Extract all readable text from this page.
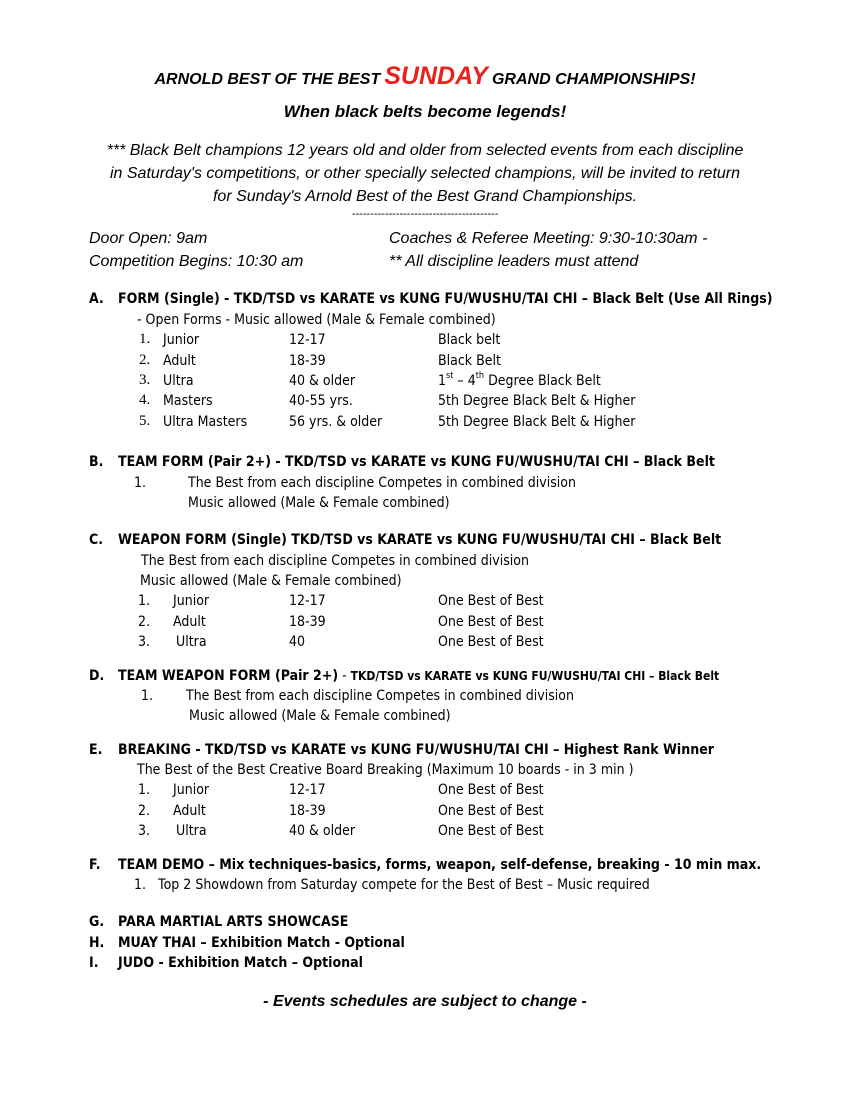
ARNOLD BEST OF THE BEST SUNDAY GRAND CHAMPIONSHIPS!
When black belts become legends!
*** Black Belt champions 12 years old and older from selected events from each discipline
in Saturday's competitions, or other specially selected champions, will be invited to return
for Sunday's Arnold Best of the Best Grand Championships.
----------------------------------------
Door Open: 9am
Competition Begins: 10:30 am
Coaches & Referee Meeting: 9:30-10:30am -
** All discipline leaders must attend
A. FORM (Single) - TKD/TSD vs KARATE vs KUNG FU/WUSHU/TAI CHI – Black Belt (Use All Rings)
- Open Forms - Music allowed (Male & Female combined)
1. Junior	12-17	Black belt
2. Adult	18-39	Black Belt
3. Ultra	40 & older	1st – 4th Degree Black Belt
4. Masters	40-55 yrs.	5th Degree Black Belt & Higher
5. Ultra Masters	56 yrs. & older	5th Degree Black Belt & Higher
B. TEAM FORM (Pair 2+) - TKD/TSD vs KARATE vs KUNG FU/WUSHU/TAI CHI – Black Belt
1.	The Best from each discipline Competes in combined division
Music allowed (Male & Female combined)
C. WEAPON FORM (Single) TKD/TSD vs KARATE vs KUNG FU/WUSHU/TAI CHI – Black Belt
The Best from each discipline Competes in combined division
Music allowed (Male & Female combined)
1. Junior	12-17	One Best of Best
2. Adult	18-39	One Best of Best
3. Ultra	40	One Best of Best
D. TEAM WEAPON FORM (Pair 2+) - TKD/TSD vs KARATE vs KUNG FU/WUSHU/TAI CHI – Black Belt
1. The Best from each discipline Competes in combined division
Music allowed (Male & Female combined)
E. BREAKING - TKD/TSD vs KARATE vs KUNG FU/WUSHU/TAI CHI – Highest Rank Winner
The Best of the Best Creative Board Breaking (Maximum 10 boards - in 3 min )
1. Junior	12-17	One Best of Best
2. Adult	18-39	One Best of Best
3. Ultra	40 & older	One Best of Best
F. TEAM DEMO – Mix techniques-basics, forms, weapon, self-defense, breaking - 10 min max.
1.   Top 2 Showdown from Saturday compete for the Best of Best – Music required
G. PARA MARTIAL ARTS SHOWCASE
H. MUAY THAI – Exhibition Match - Optional
I. JUDO - Exhibition Match – Optional
- Events schedules are subject to change -
